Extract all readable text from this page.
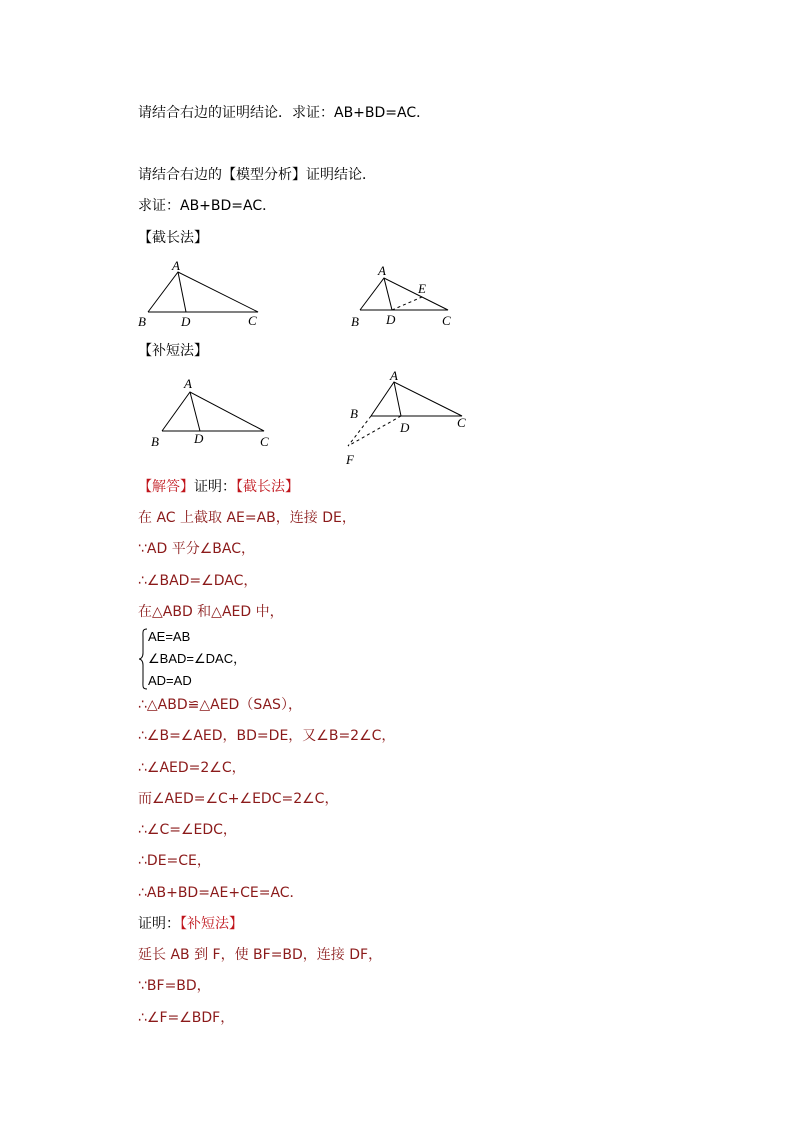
请结合右边的证明结论．求证：AB+BD=AC．
请结合右边的【模型分析】证明结论．
求证：AB+BD=AC．
【截长法】
A
B	D	C
A
E
B D	C
【补短法】
A
B	D	C
A
B
D	C
F
【解答】证明：【截长法】
在 AC 上截取 AE=AB，连接 DE，
∵AD 平分∠BAC，
∴∠BAD=∠DAC，
在△ABD 和△AED 中，
AE=AB
∠BAD=∠DAC，
AD=AD
∴△ABD≌△AED（SAS），
∴∠B=∠AED，BD=DE，又∠B=2∠C，
∴∠AED=2∠C，
而∠AED=∠C+∠EDC=2∠C，
∴∠C=∠EDC，
∴DE=CE，
∴AB+BD=AE+CE=AC．
证明：【补短法】
延长 AB 到 F，使 BF=BD，连接 DF，
∵BF=BD，
∴∠F=∠BDF，
